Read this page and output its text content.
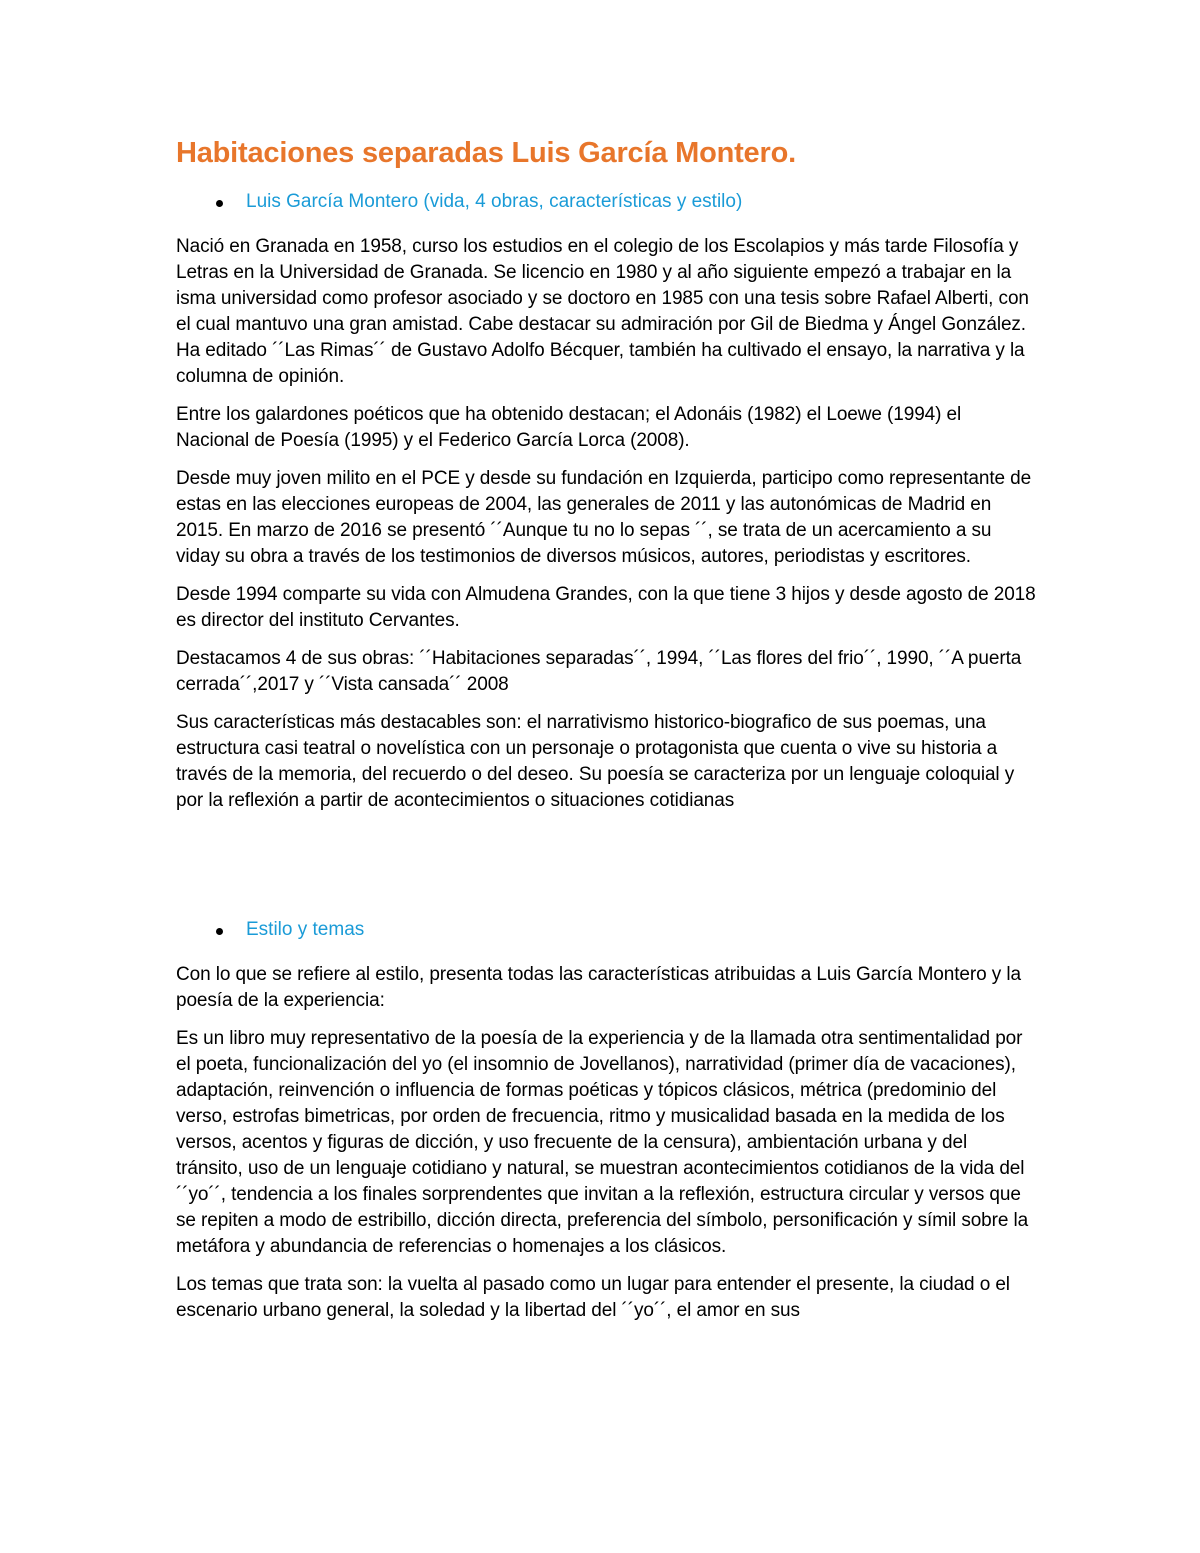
Habitaciones separadas Luis García Montero.
Luis García Montero (vida, 4 obras, características y estilo)

Nació en Granada en 1958, curso los estudios en el colegio de los Escolapios y más tarde Filosofía y Letras en la Universidad de Granada. Se licencio en 1980 y al año siguiente empezó a trabajar en la isma universidad como profesor asociado y se doctoro en 1985 con una tesis sobre Rafael Alberti, con el cual mantuvo una gran amistad. Cabe destacar su admiración por Gil de Biedma y Ángel González. Ha editado ´´Las Rimas´´ de Gustavo Adolfo Bécquer, también ha cultivado el ensayo, la narrativa y la columna de opinión.

Entre los galardones poéticos que ha obtenido destacan; el Adonáis (1982) el Loewe (1994) el Nacional de Poesía (1995) y el Federico García Lorca (2008).

Desde muy joven milito en el PCE y desde su fundación en Izquierda, participo como representante de estas en las elecciones europeas de 2004, las generales de 2011 y las autonómicas de Madrid en 2015. En marzo de 2016 se presentó ´´Aunque tu no lo sepas ´´, se trata de un acercamiento a su viday su obra a través de los testimonios de diversos músicos, autores, periodistas y escritores.

Desde 1994 comparte su vida con Almudena Grandes, con la que tiene 3 hijos y desde agosto de 2018 es director del instituto Cervantes.

Destacamos 4 de sus obras: ´´Habitaciones separadas´´, 1994, ´´Las flores del frio´´, 1990, ´´A puerta cerrada´´,2017 y ´´Vista cansada´´ 2008

Sus características más destacables son: el narrativismo historico-biografico de sus poemas, una estructura casi teatral o novelística con un personaje o protagonista que cuenta o vive su historia a través de la memoria, del recuerdo o del deseo. Su poesía se caracteriza por un lenguaje coloquial y por la reflexión a partir de acontecimientos o situaciones cotidianas

Estilo y temas

Con lo que se refiere al estilo, presenta todas las características atribuidas a Luis García Montero y la poesía de la experiencia:

Es un libro muy representativo de la poesía de la experiencia y de la llamada otra sentimentalidad por el poeta, funcionalización del yo (el insomnio de Jovellanos), narratividad (primer día de vacaciones), adaptación, reinvención o influencia de formas poéticas y tópicos clásicos, métrica (predominio del verso, estrofas bimetricas, por orden de frecuencia, ritmo y musicalidad basada en la medida de los versos, acentos y figuras de dicción, y uso frecuente de la censura), ambientación urbana y del tránsito, uso de un lenguaje cotidiano y natural, se muestran acontecimientos cotidianos de la vida del ´´yo´´, tendencia a los finales sorprendentes que invitan a la reflexión, estructura circular y versos que se repiten a modo de estribillo, dicción directa, preferencia del símbolo, personificación y símil sobre la metáfora y abundancia de referencias o homenajes a los clásicos.

Los temas que trata son: la vuelta al pasado como un lugar para entender el presente, la ciudad o el escenario urbano general, la soledad y la libertad del ´´yo´´, el amor en sus
